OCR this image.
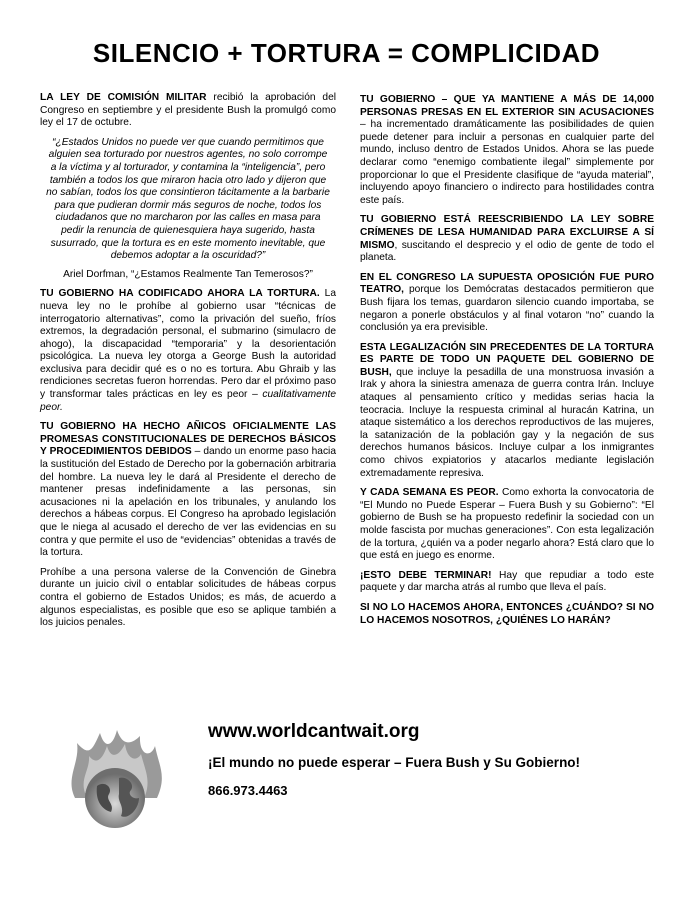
SILENCIO + TORTURA = COMPLICIDAD

LA LEY DE COMISIÓN MILITAR recibió la aprobación del Congreso en septiembre y el presidente Bush la promulgó como ley el 17 de octubre.

“¿Estados Unidos no puede ver que cuando permitimos que alguien sea torturado por nuestros agentes, no solo corrompe a la víctima y al torturador, y contamina la “inteligencia”, pero también a todos los que miraron hacia otro lado y dijeron que no sabían, todos los que consintieron tácitamente a la barbarie para que pudieran dormir más seguros de noche, todos los ciudadanos que no marcharon por las calles en masa para pedir la renuncia de quienesquiera haya sugerido, hasta susurrado, que la tortura es en este momento inevitable, que debemos adoptar a la oscuridad?”

Ariel Dorfman, “¿Estamos Realmente Tan Temerosos?”

TU GOBIERNO HA CODIFICADO AHORA LA TORTURA. La nueva ley no le prohíbe al gobierno usar “técnicas de interrogatorio alternativas”, como la privación del sueño, fríos extremos, la degradación personal, el submarino (simulacro de ahogo), la discapacidad “temporaria” y la desorientación psicológica. La nueva ley otorga a George Bush la autoridad exclusiva para decidir qué es o no es tortura. Abu Ghraib y las rendiciones secretas fueron horrendas. Pero dar el próximo paso y transformar tales prácticas en ley es peor – cualitativamente peor.

TU GOBIERNO HA HECHO AÑICOS OFICIALMENTE LAS PROMESAS CONSTITUCIONALES DE DERECHOS BÁSICOS Y PROCEDIMIENTOS DEBIDOS – dando un enorme paso hacia la sustitución del Estado de Derecho por la gobernación arbitraria del hombre. La nueva ley le dará al Presidente el derecho de mantener presas indefinidamente a las personas, sin acusaciones ni la apelación en los tribunales, y anulando los derechos a hábeas corpus. El Congreso ha aprobado legislación que le niega al acusado el derecho de ver las evidencias en su contra y que permite el uso de “evidencias” obtenidas a través de la tortura.

Prohíbe a una persona valerse de la Convención de Ginebra durante un juicio civil o entablar solicitudes de hábeas corpus contra el gobierno de Estados Unidos; es más, de acuerdo a algunos especialistas, es posible que eso se aplique también a los juicios penales.

TU GOBIERNO – QUE YA MANTIENE A MÁS DE 14,000 PERSONAS PRESAS EN EL EXTERIOR SIN ACUSACIONES – ha incrementado dramáticamente las posibilidades de quien puede detener para incluir a personas en cualquier parte del mundo, incluso dentro de Estados Unidos. Ahora se las puede declarar como “enemigo combatiente ilegal” simplemente por proporcionar lo que el Presidente clasifique de “ayuda material”, incluyendo apoyo financiero o indirecto para hostilidades contra este país.

TU GOBIERNO ESTÁ REESCRIBIENDO LA LEY SOBRE CRÍMENES DE LESA HUMANIDAD PARA EXCLUIRSE A SÍ MISMO, suscitando el desprecio y el odio de gente de todo el planeta.

EN EL CONGRESO LA SUPUESTA OPOSICIÓN FUE PURO TEATRO, porque los Demócratas destacados permitieron que Bush fijara los temas, guardaron silencio cuando importaba, se negaron a ponerle obstáculos y al final votaron “no” cuando la conclusión ya era previsible.

ESTA LEGALIZACIÓN SIN PRECEDENTES DE LA TORTURA ES PARTE DE TODO UN PAQUETE DEL GOBIERNO DE BUSH, que incluye la pesadilla de una monstruosa invasión a Irak y ahora la siniestra amenaza de guerra contra Irán. Incluye ataques al pensamiento crítico y medidas serias hacia la teocracia. Incluye la respuesta criminal al huracán Katrina, un ataque sistemático a los derechos reproductivos de las mujeres, la satanización de la población gay y la negación de sus derechos humanos básicos. Incluye culpar a los inmigrantes como chivos expiatorios y atacarlos mediante legislación extremadamente represiva.

Y CADA SEMANA ES PEOR. Como exhorta la convocatoria de “El Mundo no Puede Esperar – Fuera Bush y su Gobierno”: “El gobierno de Bush se ha propuesto redefinir la sociedad con un molde fascista por muchas generaciones”. Con esta legalización de la tortura, ¿quién va a poder negarlo ahora? Está claro que lo que está en juego es enorme.

¡ESTO DEBE TERMINAR! Hay que repudiar a todo este paquete y dar marcha atrás al rumbo que lleva el país.

SI NO LO HACEMOS AHORA, ENTONCES ¿CUÁNDO? SI NO LO HACEMOS NOSOTROS, ¿QUIÉNES LO HARÁN?

www.worldcantwait.org
¡El mundo no puede esperar – Fuera Bush y Su Gobierno!
866.973.4463
